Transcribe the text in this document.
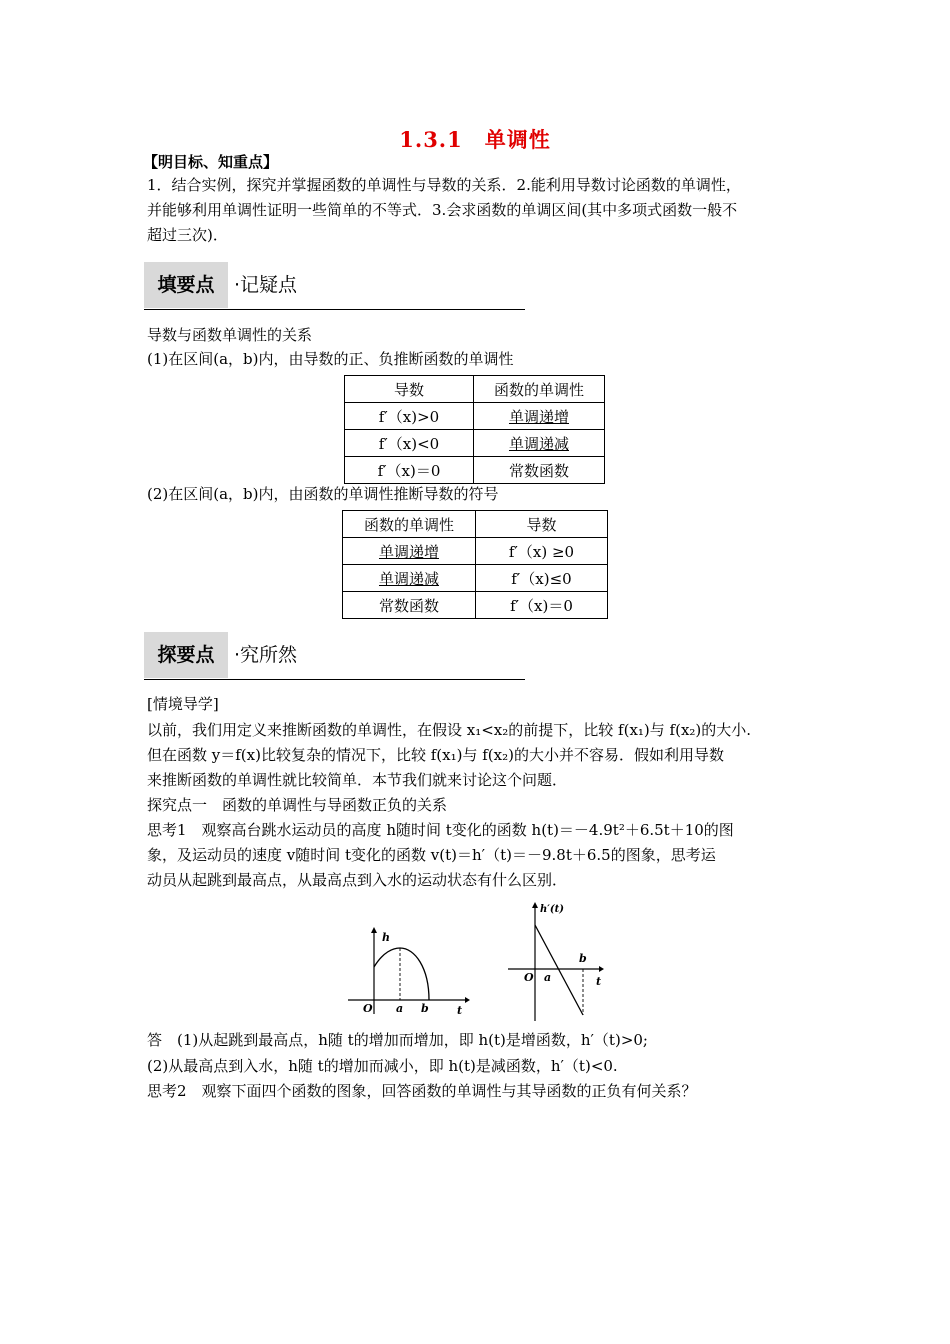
1.3.1 单调性
【明目标、知重点】
1．结合实例，探究并掌握函数的单调性与导数的关系．2.能利用导数讨论函数的单调性，
并能够利用单调性证明一些简单的不等式．3.会求函数的单调区间(其中多项式函数一般不
超过三次)．
填要点	·记疑点
导数与函数单调性的关系
(1)在区间(a，b)内，由导数的正、负推断函数的单调性
导数	函数的单调性
f′（x)>0	单调递增
f′（x)<0	单调递减
f′（x)＝0	常数函数
(2)在区间(a，b)内，由函数的单调性推断导数的符号
函数的单调性	导数
单调递增	f′（x) ≥0
单调递减	f′（x)≤0
常数函数	f′（x)＝0
探要点	·究所然
[情境导学]
以前，我们用定义来推断函数的单调性，在假设 x₁<x₂的前提下，比较 f(x₁)与 f(x₂)的大小.
但在函数 y＝f(x)比较复杂的情况下，比较 f(x₁)与 f(x₂)的大小并不容易．假如利用导数
来推断函数的单调性就比较简单．本节我们就来讨论这个问题．
探究点一　函数的单调性与导函数正负的关系
思考1　观察高台跳水运动员的高度 h随时间 t变化的函数 h(t)＝－4.9t²＋6.5t＋10的图
象，及运动员的速度 v随时间 t变化的函数 v(t)＝h′（t)＝－9.8t＋6.5的图象，思考运
动员从起跳到最高点，从最高点到入水的运动状态有什么区别．
h
t
O a b
h′(t)
t
O a
b
答　(1)从起跳到最高点，h随 t的增加而增加，即 h(t)是增函数，h′（t)>0;
(2)从最高点到入水，h随 t的增加而减小，即 h(t)是减函数，h′（t)<0.
思考2　观察下面四个函数的图象，回答函数的单调性与其导函数的正负有何关系？
